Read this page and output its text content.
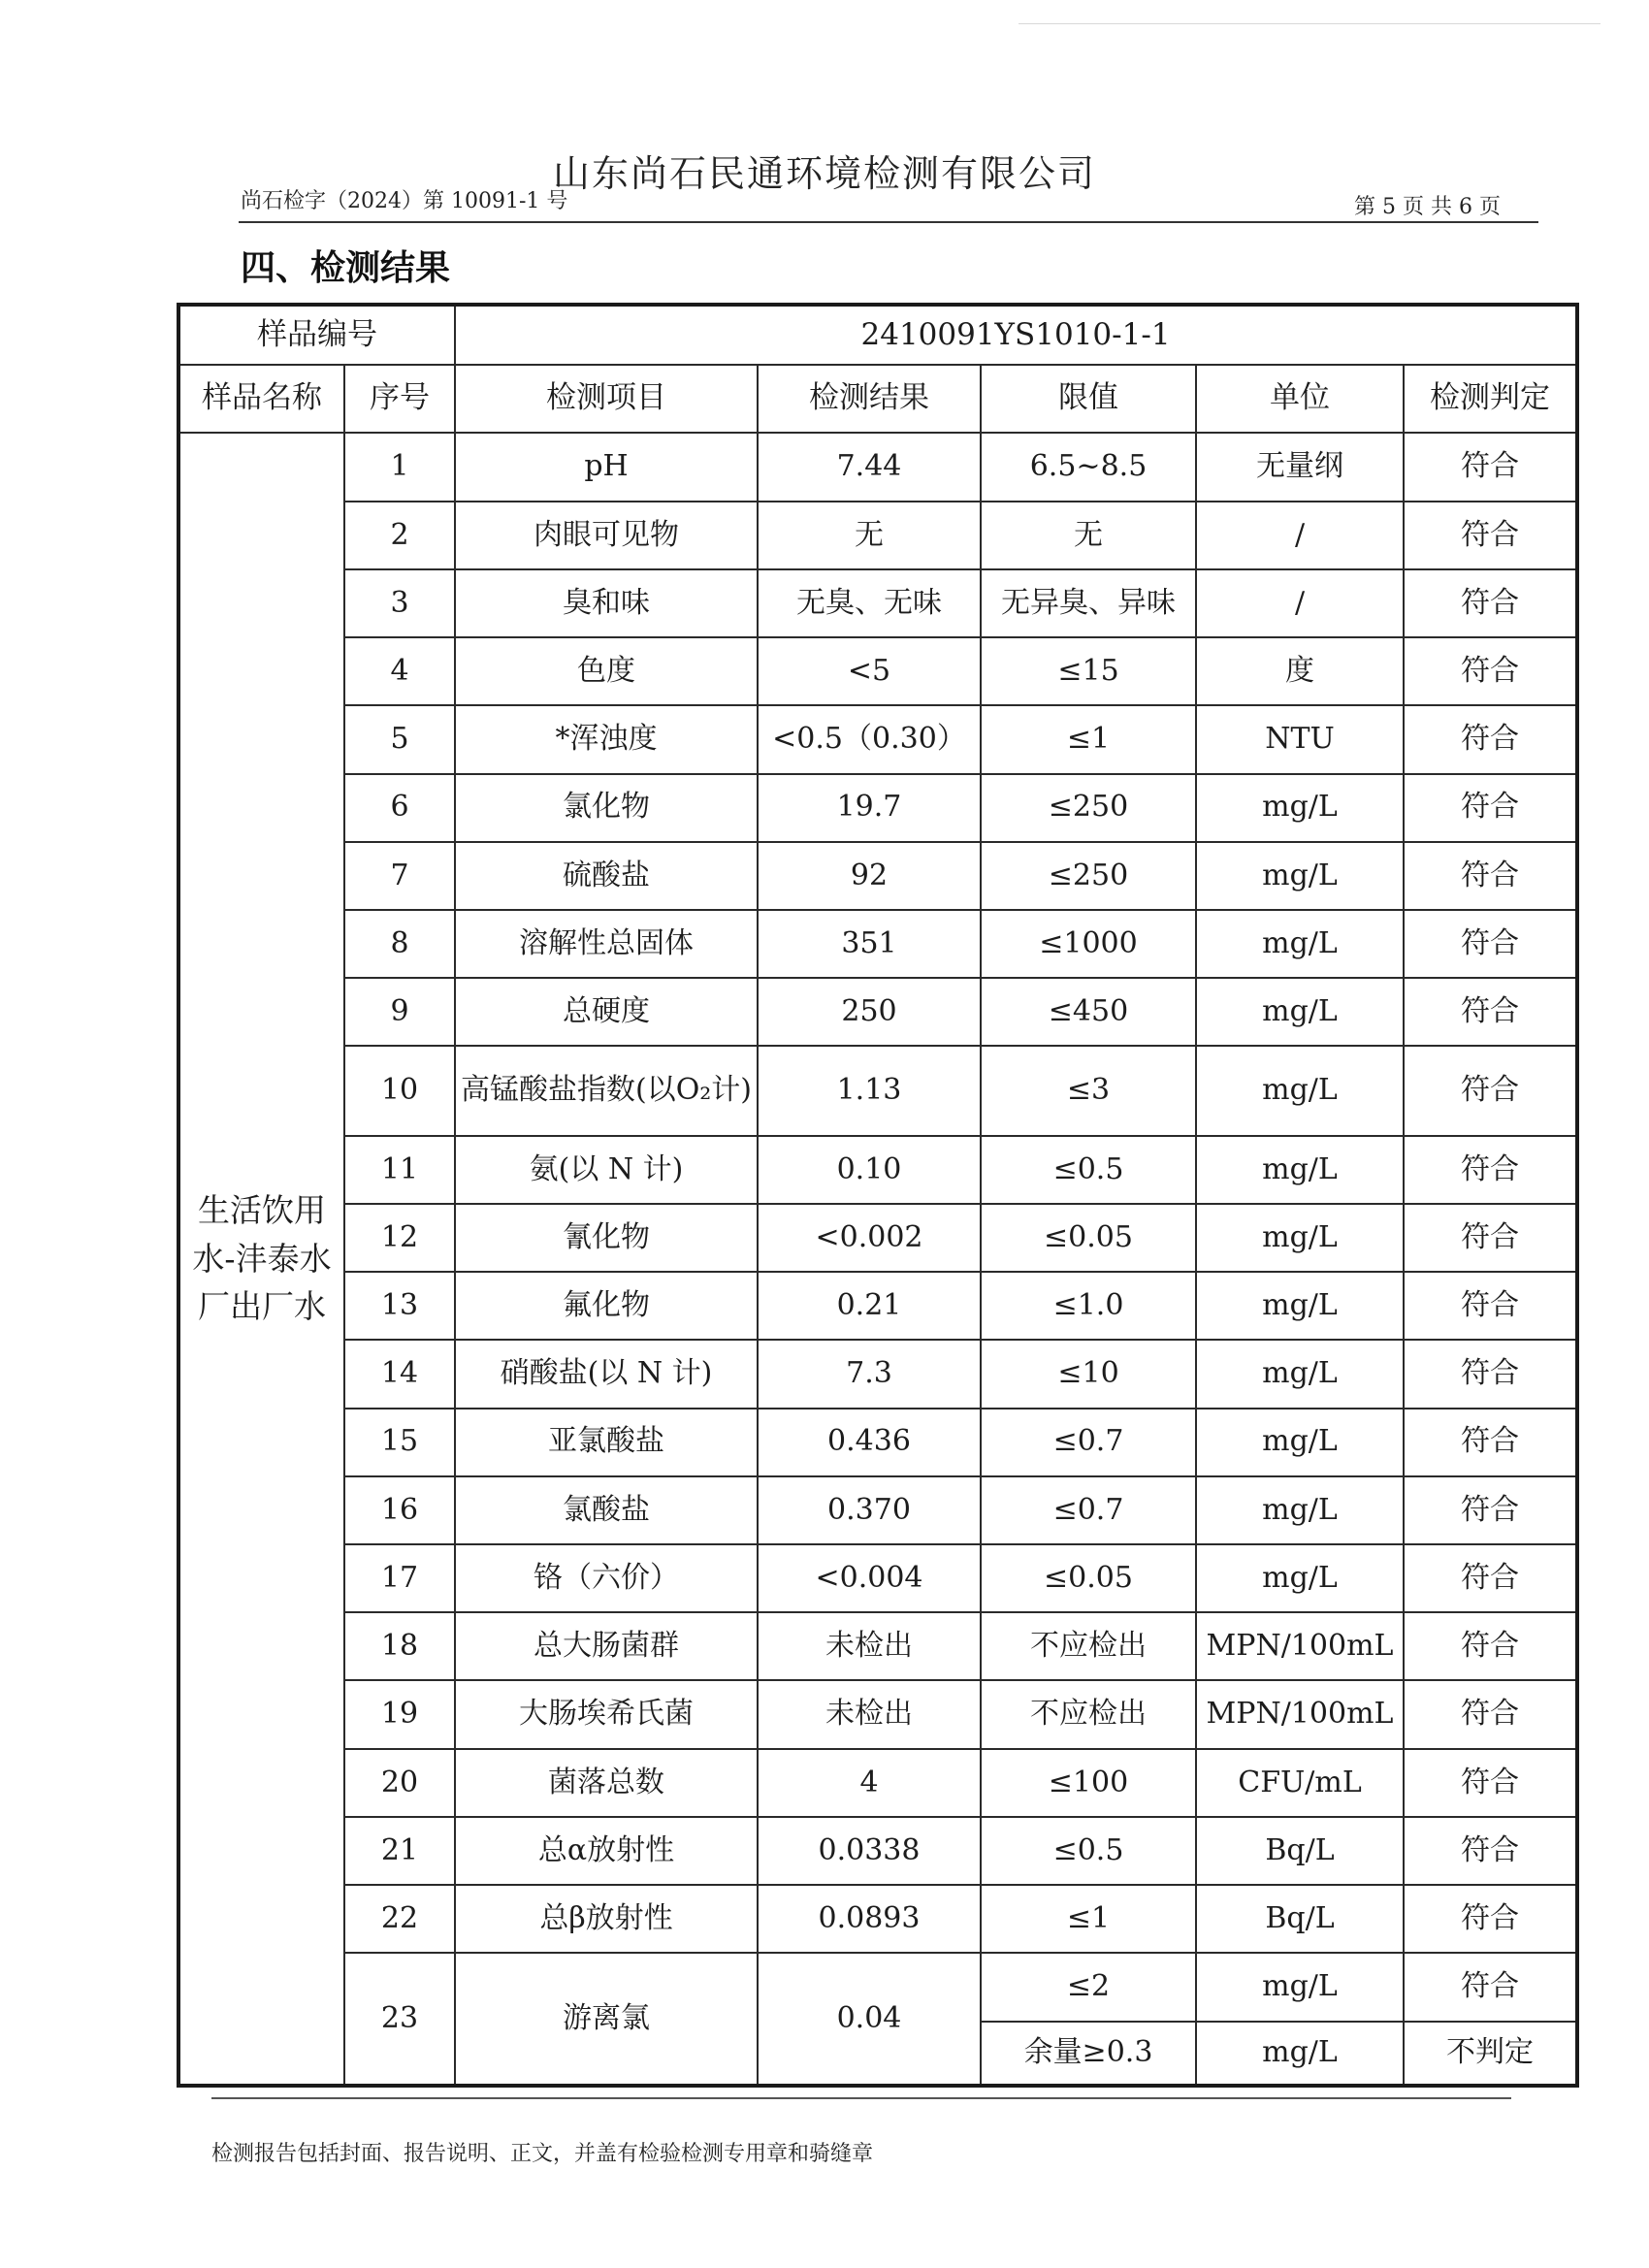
山东尚石民通环境检测有限公司
尚石检字（2024）第 10091-1 号	第 5 页 共 6 页
四、检测结果
样品编号		2410091YS1010-1-1				
样品名称	序号	检测项目	检测结果	限值	单位	检测判定
生活饮用水-沣泰水厂出厂水	1	pH	7.44	6.5~8.5	无量纲	符合
	2	肉眼可见物	无	无	/	符合
	3	臭和味	无臭、无味	无异臭、异味	/	符合
	4	色度	<5	≤15	度	符合
	5	*浑浊度	<0.5（0.30）	≤1	NTU	符合
	6	氯化物	19.7	≤250	mg/L	符合
	7	硫酸盐	92	≤250	mg/L	符合
	8	溶解性总固体	351	≤1000	mg/L	符合
	9	总硬度	250	≤450	mg/L	符合
	10	高锰酸盐指数(以O₂计)	1.13	≤3	mg/L	符合
	11	氨(以 N 计)	0.10	≤0.5	mg/L	符合
	12	氰化物	<0.002	≤0.05	mg/L	符合
	13	氟化物	0.21	≤1.0	mg/L	符合
	14	硝酸盐(以 N 计)	7.3	≤10	mg/L	符合
	15	亚氯酸盐	0.436	≤0.7	mg/L	符合
	16	氯酸盐	0.370	≤0.7	mg/L	符合
	17	铬（六价）	<0.004	≤0.05	mg/L	符合
	18	总大肠菌群	未检出	不应检出	MPN/100mL	符合
	19	大肠埃希氏菌	未检出	不应检出	MPN/100mL	符合
	20	菌落总数	4	≤100	CFU/mL	符合
	21	总α放射性	0.0338	≤0.5	Bq/L	符合
	22	总β放射性	0.0893	≤1	Bq/L	符合
	23	游离氯	0.04	≤2	mg/L	符合
				余量≥0.3	mg/L	不判定
检测报告包括封面、报告说明、正文，并盖有检验检测专用章和骑缝章
